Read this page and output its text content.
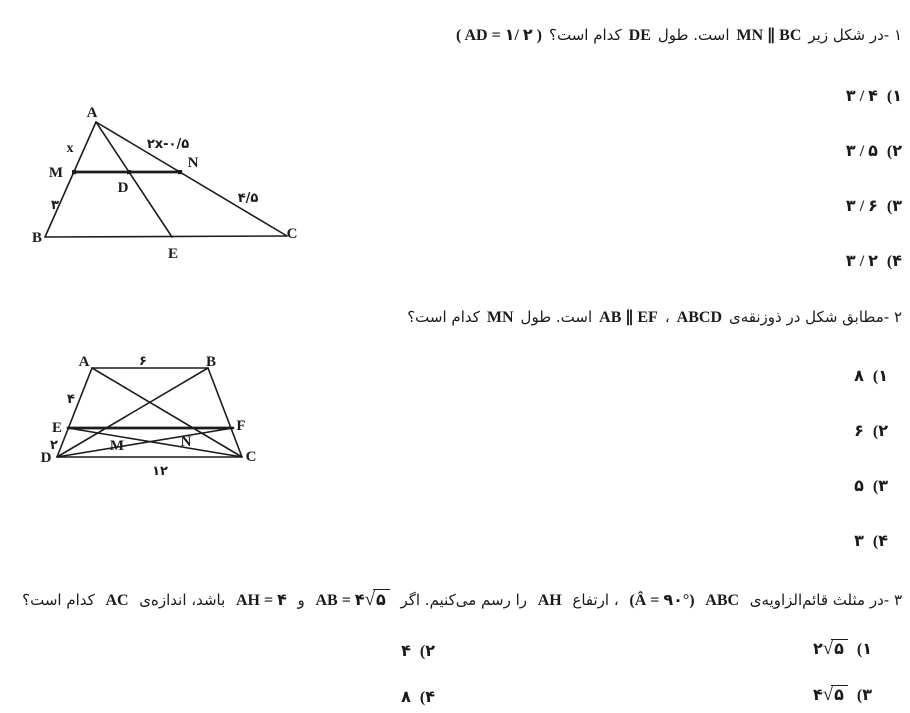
۱ -در شکل زیر
MN ∥ BC
است. طول
DE
کدام است؟
( AD = ۱/ ۲ )
۳ / ۴ (۱
۳ / ۵ (۲
۳ / ۶ (۳
۳ / ۲ (۴
A
x	۲x-۰/۵
M
N
D
۴/۵
۳
B
E
C
۲ -مطابق شکل در ذوزنقه‌ی
ABCD
،
AB ∥ EF
است. طول
MN
کدام است؟
۸ (۱
۶ (۲
۵ (۳
۳ (۴
A	۶	B
۴
E	F
۲	M	N
D	C
۱۲
۳ -در مثلث قائم‌الزاویه‌ی
ABC
(Â = ۹۰°)
، ارتفاع
AH
را رسم می‌کنیم. اگر
AB = ۴√۵
و
AH = ۴
باشد، اندازه‌ی
AC
کدام است؟
۲√۵ (۱
۴ (۲
۴√۵ (۳
۸ (۴
